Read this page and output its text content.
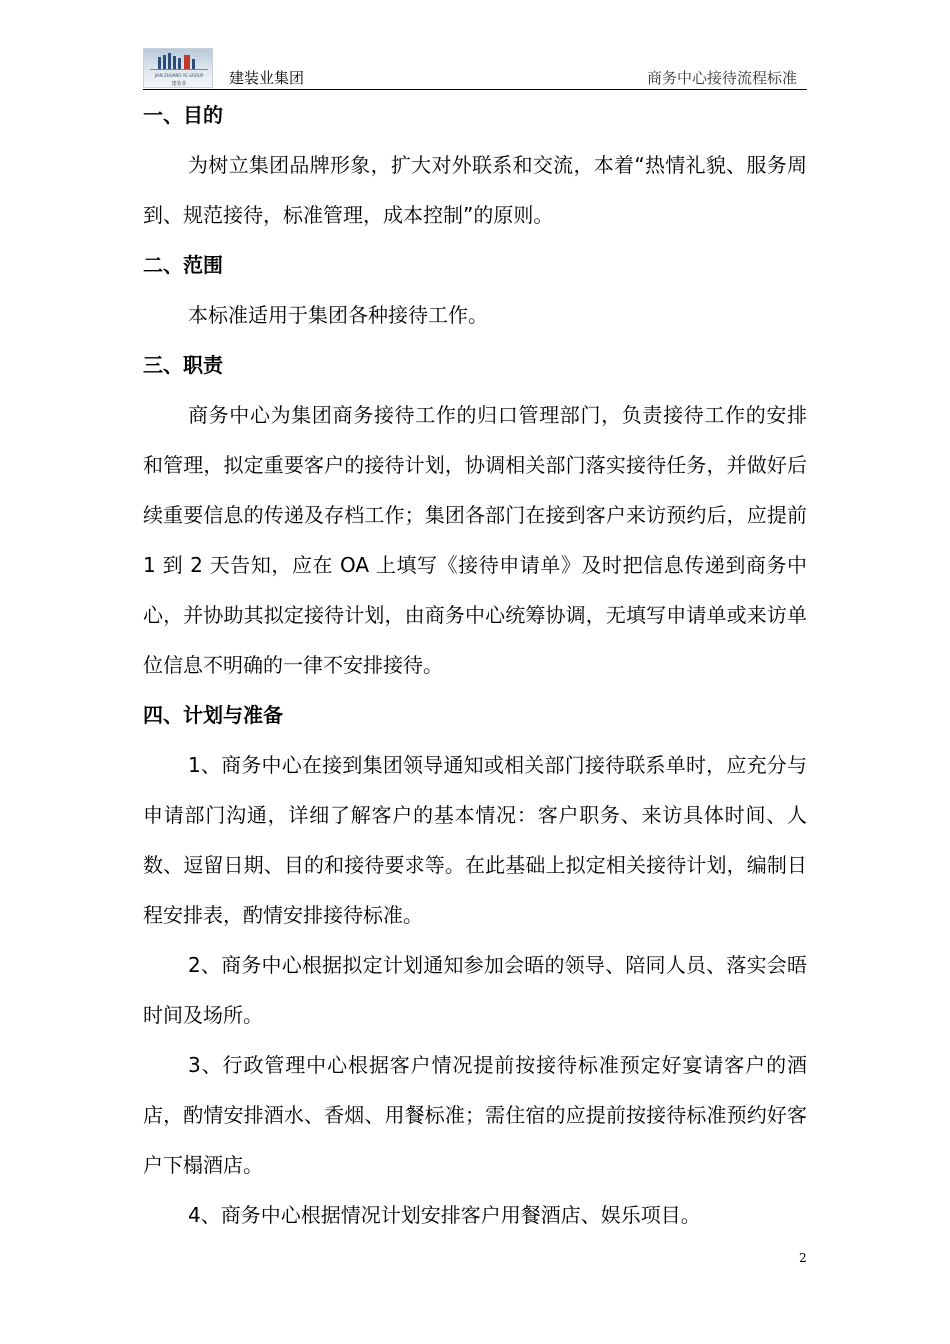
JIAN ZHUANG YE GROUP
建装业	建装业集团	商务中心接待流程标准
一、目的

为树立集团品牌形象，扩大对外联系和交流，本着“热情礼貌、服务周到、规范接待，标准管理，成本控制”的原则。

二、范围

本标准适用于集团各种接待工作。

三、职责

商务中心为集团商务接待工作的归口管理部门，负责接待工作的安排和管理，拟定重要客户的接待计划，协调相关部门落实接待任务，并做好后续重要信息的传递及存档工作；集团各部门在接到客户来访预约后，应提前 1 到 2 天告知，应在 OA 上填写《接待申请单》及时把信息传递到商务中心，并协助其拟定接待计划，由商务中心统筹协调，无填写申请单或来访单位信息不明确的一律不安排接待。

四、计划与准备

1、商务中心在接到集团领导通知或相关部门接待联系单时，应充分与申请部门沟通，详细了解客户的基本情况：客户职务、来访具体时间、人数、逗留日期、目的和接待要求等。在此基础上拟定相关接待计划，编制日程安排表，酌情安排接待标准。

2、商务中心根据拟定计划通知参加会晤的领导、陪同人员、落实会晤时间及场所。

3、行政管理中心根据客户情况提前按接待标准预定好宴请客户的酒店，酌情安排酒水、香烟、用餐标准；需住宿的应提前按接待标准预约好客户下榻酒店。

4、商务中心根据情况计划安排客户用餐酒店、娱乐项目。

2
